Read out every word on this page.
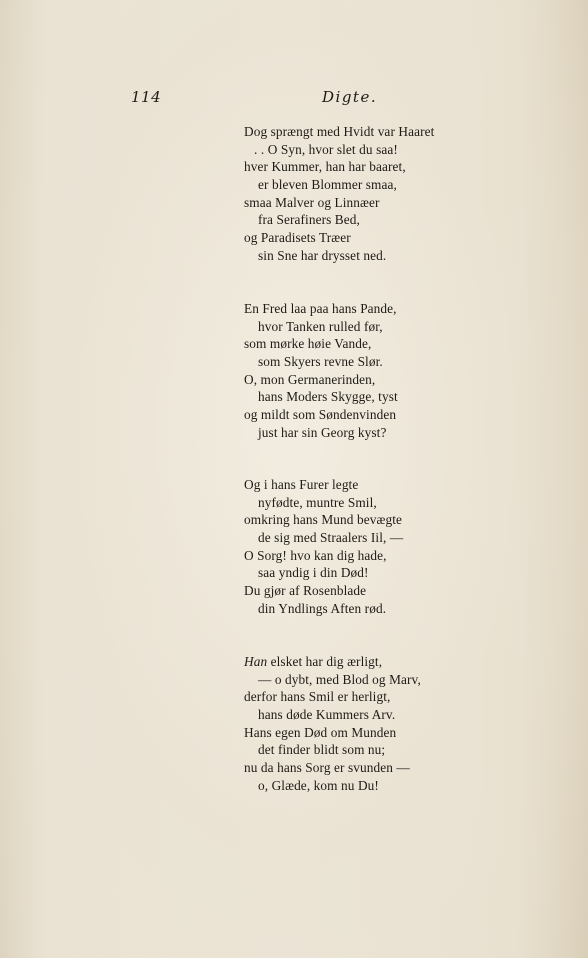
114	Digte.
Dog sprængt med Hvidt var Haaret
. . O Syn, hvor slet du saa!
hver Kummer, han har baaret,
er bleven Blommer smaa,
smaa Malver og Linnæer
fra Serafiners Bed,
og Paradisets Træer
sin Sne har drysset ned.
En Fred laa paa hans Pande,
hvor Tanken rulled før,
som mørke høie Vande,
som Skyers revne Slør.
O, mon Germanerinden,
hans Moders Skygge, tyst
og mildt som Søndenvinden
just har sin Georg kyst?
Og i hans Furer legte
nyfødte, muntre Smil,
omkring hans Mund bevægte
de sig med Straalers Iil, —
O Sorg! hvo kan dig hade,
saa yndig i din Død!
Du gjør af Rosenblade
din Yndlings Aften rød.
Han elsket har dig ærligt,
— o dybt, med Blod og Marv,
derfor hans Smil er herligt,
hans døde Kummers Arv.
Hans egen Død om Munden
det finder blidt som nu;
nu da hans Sorg er svunden —
o, Glæde, kom nu Du!
